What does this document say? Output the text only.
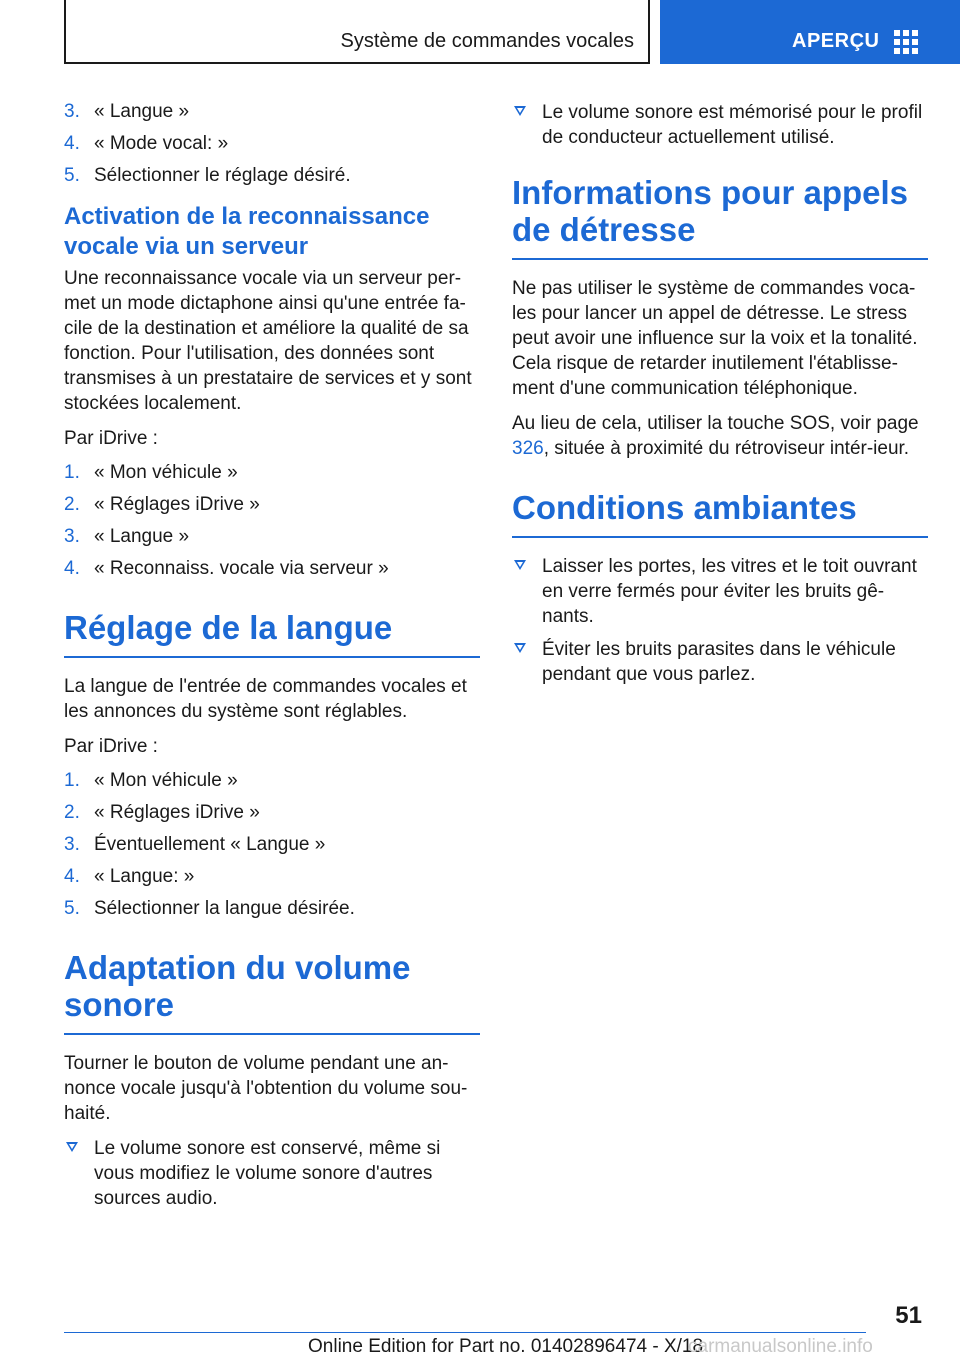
Système de commandes vocales	APERÇU
3. « Langue »
4. « Mode vocal: »
5. Sélectionner le réglage désiré.
Activation de la reconnaissance vocale via un serveur

Une reconnaissance vocale via un serveur per-met un mode dictaphone ainsi qu'une entrée fa-cile de la destination et améliore la qualité de sa fonction. Pour l'utilisation, des données sont transmises à un prestataire de services et y sont stockées localement.

Par iDrive :

1. « Mon véhicule »
2. « Réglages iDrive »
3. « Langue »
4. « Reconnaiss. vocale via serveur »
Réglage de la langue

La langue de l'entrée de commandes vocales et les annonces du système sont réglables.

Par iDrive :

1. « Mon véhicule »
2. « Réglages iDrive »
3. Éventuellement « Langue »
4. « Langue: »
5. Sélectionner la langue désirée.
Adaptation du volume sonore

Tourner le bouton de volume pendant une an-nonce vocale jusqu'à l'obtention du volume sou-haité.

Le volume sonore est conservé, même si vous modifiez le volume sonore d'autres sources audio.
Le volume sonore est mémorisé pour le profil de conducteur actuellement utilisé.
Informations pour appels de détresse

Ne pas utiliser le système de commandes voca-les pour lancer un appel de détresse. Le stress peut avoir une influence sur la voix et la tonalité. Cela risque de retarder inutilement l'établisse-ment d'une communication téléphonique.

Au lieu de cela, utiliser la touche SOS, voir page 326, située à proximité du rétroviseur intér-ieur.

Conditions ambiantes
Laisser les portes, les vitres et le toit ouvrant en verre fermés pour éviter les bruits gê-nants.
Éviter les bruits parasites dans le véhicule pendant que vous parlez.
51
Online Edition for Part no. 01402896474 - X/18
carmanualsonline.info
